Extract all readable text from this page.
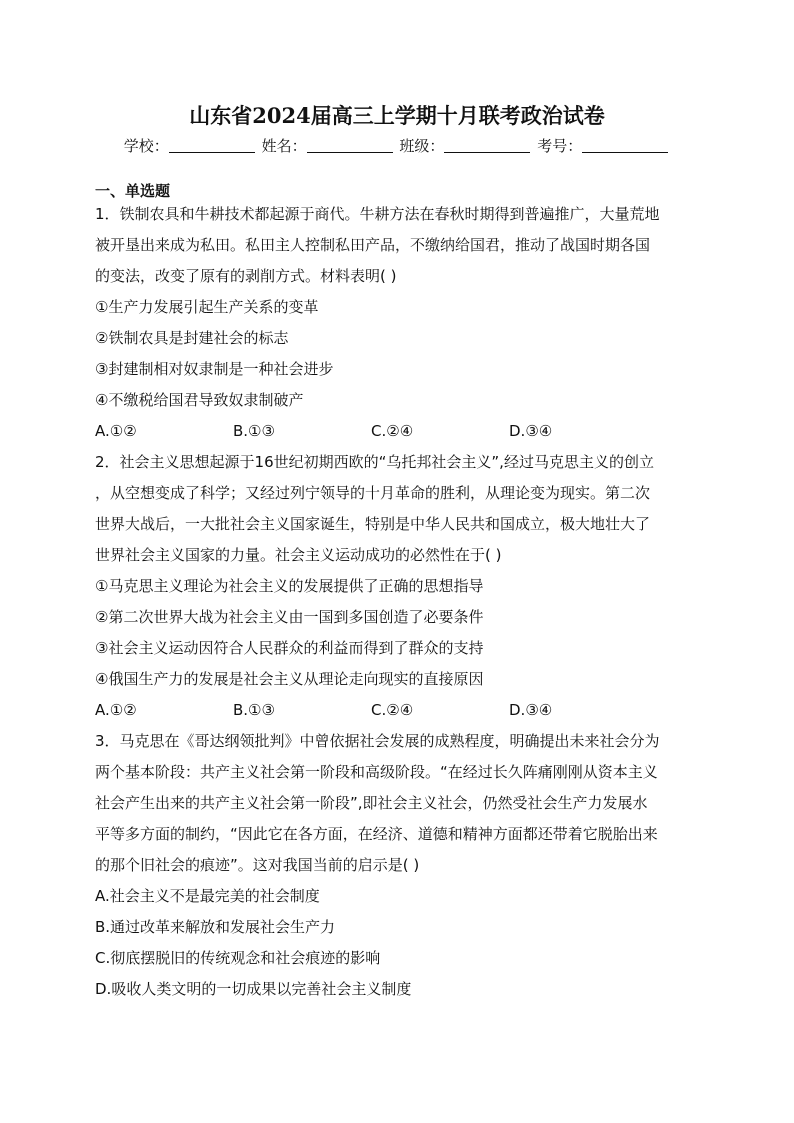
山东省2024届高三上学期十月联考政治试卷
学校：	姓名：	班级：	考号：
一、单选题
1．铁制农具和牛耕技术都起源于商代。牛耕方法在春秋时期得到普遍推广，大量荒地
被开垦出来成为私田。私田主人控制私田产品，不缴纳给国君，推动了战国时期各国
的变法，改变了原有的剥削方式。材料表明( )
①生产力发展引起生产关系的变革
②铁制农具是封建社会的标志
③封建制相对奴隶制是一种社会进步
④不缴税给国君导致奴隶制破产
A.①②	B.①③	C.②④	D.③④
2．社会主义思想起源于16世纪初期西欧的“乌托邦社会主义”,经过马克思主义的创立
，从空想变成了科学；又经过列宁领导的十月革命的胜利，从理论变为现实。第二次
世界大战后，一大批社会主义国家诞生，特别是中华人民共和国成立，极大地壮大了
世界社会主义国家的力量。社会主义运动成功的必然性在于( )
①马克思主义理论为社会主义的发展提供了正确的思想指导
②第二次世界大战为社会主义由一国到多国创造了必要条件
③社会主义运动因符合人民群众的利益而得到了群众的支持
④俄国生产力的发展是社会主义从理论走向现实的直接原因
A.①②	B.①③	C.②④	D.③④
3．马克思在《哥达纲领批判》中曾依据社会发展的成熟程度，明确提出未来社会分为
两个基本阶段：共产主义社会第一阶段和高级阶段。“在经过长久阵痛刚刚从资本主义
社会产生出来的共产主义社会第一阶段”,即社会主义社会，仍然受社会生产力发展水
平等多方面的制约，“因此它在各方面，在经济、道德和精神方面都还带着它脱胎出来
的那个旧社会的痕迹”。这对我国当前的启示是( )
A.社会主义不是最完美的社会制度
B.通过改革来解放和发展社会生产力
C.彻底摆脱旧的传统观念和社会痕迹的影响
D.吸收人类文明的一切成果以完善社会主义制度
